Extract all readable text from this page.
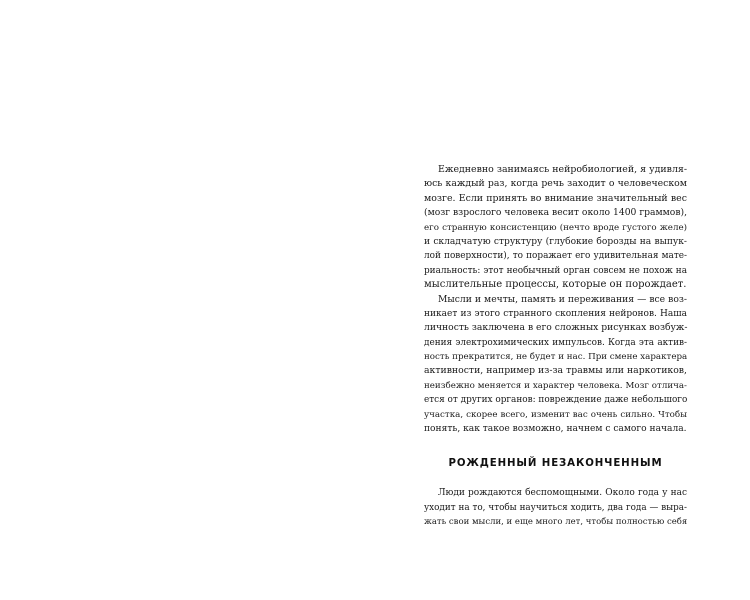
Ежедневно занимаясь нейробиологией, я удивля-
юсь каждый раз, когда речь заходит о человеческом
мозге. Если принять во внимание значительный вес
(мозг взрослого человека весит около 1400 граммов),
его странную консистенцию (нечто вроде густого желе)
и складчатую структуру (глубокие борозды на выпук-
лой поверхности), то поражает его удивительная мате-
риальность: этот необычный орган совсем не похож на
мыслительные процессы, которые он порождает.
Мысли и мечты, память и переживания — все воз-
никает из этого странного скопления нейронов. Наша
личность заключена в его сложных рисунках возбуж-
дения электрохимических импульсов. Когда эта актив-
ность прекратится, не будет и нас. При смене характера
активности, например из-за травмы или наркотиков,
неизбежно меняется и характер человека. Мозг отлича-
ется от других органов: повреждение даже небольшого
участка, скорее всего, изменит вас очень сильно. Чтобы
понять, как такое возможно, начнем с самого начала.
РОЖДЕННЫЙ НЕЗАКОНЧЕННЫМ
Люди рождаются беспомощными. Около года у нас
уходит на то, чтобы научиться ходить, два года — выра-
жать свои мысли, и еще много лет, чтобы полностью себя
